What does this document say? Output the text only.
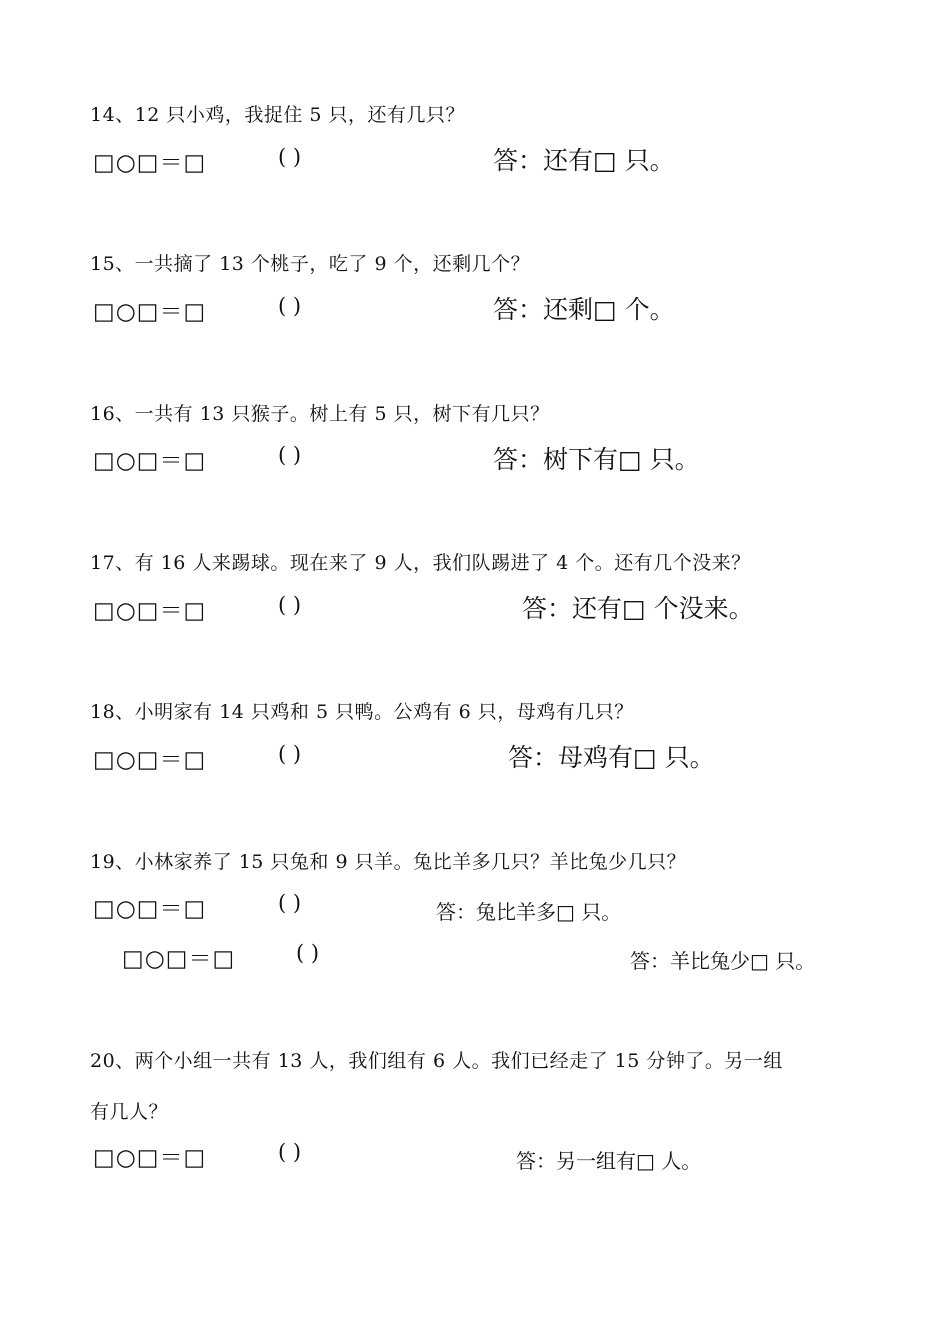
14、12 只小鸡，我捉住 5 只，还有几只？
□○□＝□	( )	答：还有□ 只。
15、一共摘了 13 个桃子，吃了 9 个，还剩几个？
□○□＝□	( )	答：还剩□ 个。
16、一共有 13 只猴子。树上有 5 只，树下有几只？
□○□＝□	( )	答：树下有□ 只。
17、有 16 人来踢球。现在来了 9 人，我们队踢进了 4 个。还有几个没来？
□○□＝□	( )	答：还有□ 个没来。
18、小明家有 14 只鸡和 5 只鸭。公鸡有 6 只，母鸡有几只？
□○□＝□	( )	答：母鸡有□ 只。
19、小林家养了 15 只兔和 9 只羊。兔比羊多几只？羊比兔少几只？
□○□＝□	( )	答：兔比羊多□ 只。
□○□＝□	( )	答：羊比兔少□ 只。
20、两个小组一共有 13 人，我们组有 6 人。我们已经走了 15 分钟了。另一组
有几人？
□○□＝□	( )	答：另一组有□ 人。
